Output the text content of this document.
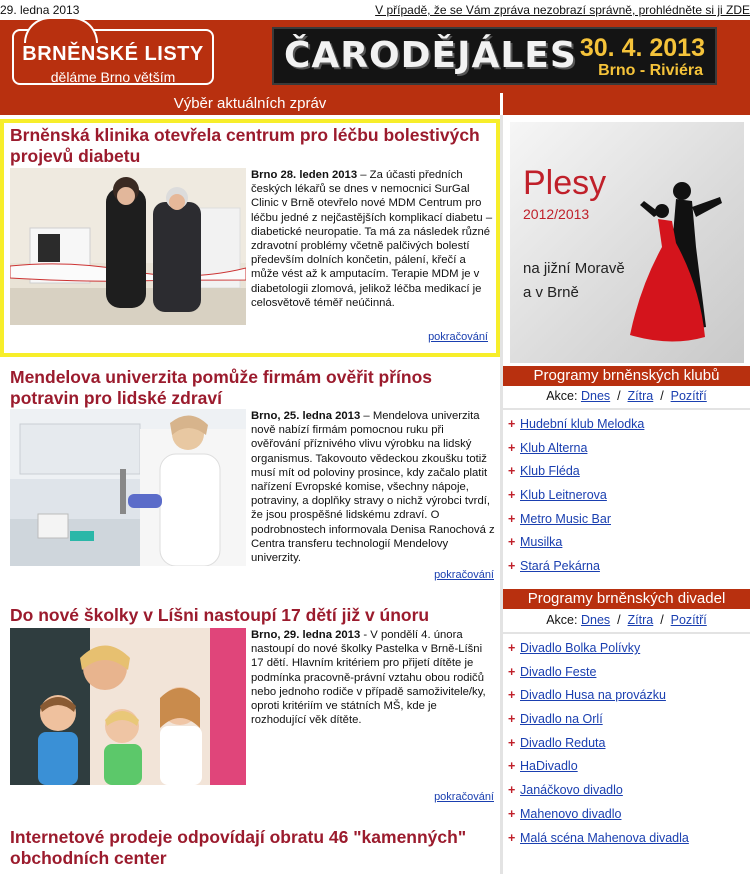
29. ledna 2013	V případě, že se Vám zpráva nezobrazí správně, prohlédněte si ji ZDE
BRNĚNSKÉ LISTY
děláme Brno větším
ČARODĚJÁLES 30. 4. 2013
Brno - Riviéra
Výběr aktuálních zpráv
Brněnská klinika otevřela centrum pro léčbu bolestivých projevů diabetu
Brno 28. leden 2013 – Za účasti předních českých lékařů se dnes v nemocnici SurGal Clinic v Brně otevřelo nové MDM Centrum pro léčbu jedné z nejčastějších komplikací diabetu – diabetické neuropatie. Ta má za následek různé zdravotní problémy včetně palčivých bolestí především dolních končetin, pálení, křečí a může vést až k amputacím. Terapie MDM je v diabetologii zlomová, jelikož léčba medikací je celosvětově téměř neúčinná.
pokračování
Mendelova univerzita pomůže firmám ověřit přínos potravin pro lidské zdraví
Brno, 25. ledna 2013 – Mendelova univerzita nově nabízí firmám pomocnou ruku při ověřování příznivého vlivu výrobku na lidský organismus. Takovouto vědeckou zkoušku totiž musí mít od poloviny prosince, kdy začalo platit nařízení Evropské komise, všechny nápoje, potraviny, a doplňky stravy o nichž výrobci tvrdí, že jsou prospěšné lidskému zdraví. O podrobnostech informovala Denisa Ranochová z Centra transferu technologií Mendelovy univerzity.
pokračování
Do nové školky v Líšni nastoupí 17 dětí již v únoru
Brno, 29. ledna 2013 - V pondělí 4. února nastoupí do nové školky Pastelka v Brně-Líšni 17 dětí. Hlavním kritériem pro přijetí dítěte je podmínka pracovně-právní vztahu obou rodičů nebo jednoho rodiče v případě samoživitele/ky, oproti kritériím ve státních MŠ, kde je rozhodující věk dítěte.
pokračování
Internetové prodeje odpovídají obratu 46 "kamenných" obchodních center
Plesy
2012/2013
na jižní Moravě
a v Brně
Programy brněnských klubů
Akce: Dnes  /  Zítra  /  Pozítří
+ Hudební klub Melodka
+ Klub Alterna
+ Klub Fléda
+ Klub Leitnerova
+ Metro Music Bar
+ Musilka
+ Stará Pekárna
Programy brněnských divadel
Akce: Dnes  /  Zítra  /  Pozítří
+ Divadlo Bolka Polívky
+ Divadlo Feste
+ Divadlo Husa na provázku
+ Divadlo na Orlí
+ Divadlo Reduta
+ HaDivadlo
+ Janáčkovo divadlo
+ Mahenovo divadlo
+ Malá scéna Mahenova divadla
